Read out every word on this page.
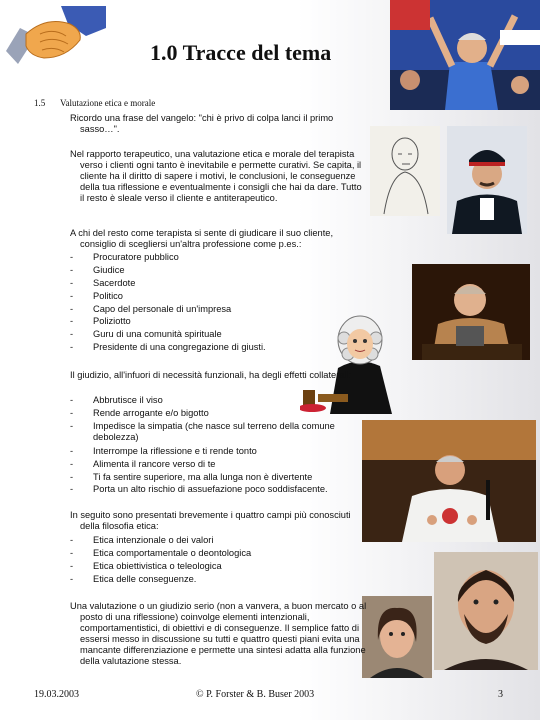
1.0 Tracce del tema
1.5 Valutazione etica e morale
Ricordo una frase del vangelo: "chi è privo di colpa lanci il primo sasso…".
Nel rapporto terapeutico, una valutazione etica e morale del terapista verso i clienti ogni tanto è inevitabile e permette curativi. Se capita, il cliente ha il diritto di sapere i motivi, le conclusioni, le conseguenze della tua riflessione e eventualmente i consigli che hai da dare. Tutto il resto è sleale verso il cliente e antiterapeutico.
A chi del resto come terapista si sente di giudicare il suo cliente, consiglio di scegliersi un'altra professione come p.es.:
-	Procuratore pubblico
-	Giudice
-	Sacerdote
-	Politico
-	Capo del personale di un'impresa
-	Poliziotto
-	Guru di una comunità spirituale
-	Presidente di una congregazione di giusti.
Il giudizio, all'infuori di necessità funzionali, ha degli effetti collaterali:
-	Abbrutisce il viso
-	Rende arrogante e/o bigotto
-	Impedisce la simpatia (che nasce sul terreno della comune debolezza)
-	Interrompe la riflessione e ti rende tonto
-	Alimenta il rancore verso di te
-	Ti fa sentire superiore, ma alla lunga non è divertente
-	Porta un alto rischio di assuefazione poco soddisfacente.
In seguito sono presentati brevemente i quattro campi più conosciuti della filosofia etica:
-	Etica intenzionale o dei valori
-	Etica comportamentale o deontologica
-	Etica obiettivistica o teleologica
-	Etica delle conseguenze.
Una valutazione o un giudizio serio (non a vanvera, a buon mercato o al posto di una riflessione) coinvolge elementi intenzionali, comportamentistici, di obiettivi e di conseguenze. Il semplice fatto di essersi messo in discussione su tutti e quattro questi piani evita una mancante differenziazione e permette una sintesi adatta alla funzione della valutazione stessa.
19.03.2003	© P. Forster & B. Buser 2003	3
